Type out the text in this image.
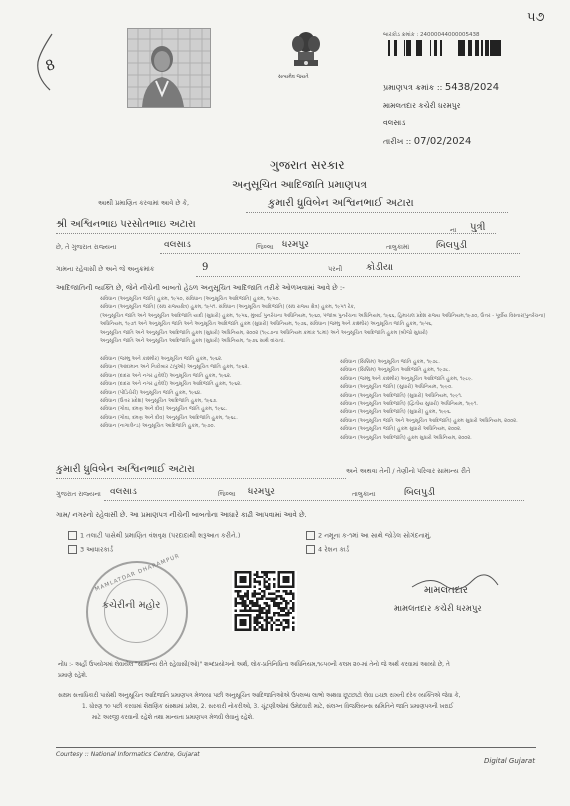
૫૭
8
સત્યમેવ જયતે
બારકોડ ક્રમાંક : 24000044000005438
પ્રમાણપત્ર ક્રમાંક :: 5438/2024
મામલતદાર કચેરી ધરમપુર
વલસાડ
તારીખ :: 07/02/2024
ગુજરાત સરકાર
અનુસૂચિત આદિજાતિ પ્રમાણપત્ર
આથી પ્રમાણિત કરવામાં આવે છે કે,	કુમારી ધ્રુવિબેન અશ્વિનભાઈ અટારા
શ્રી અશ્વિનભાઇ પરસોતભાઇ અટારા	ના પુત્રી
છે, તે ગુજરાત રાજ્યના	વલસાડ	જિલ્લા ધરમપુર	તાલુકામાં	બિલપુડી
ગામના રહેવાસી છે અને જે અનુક્રમાંક	9	પરની કોડીયા
આદિજાતિની વ્યક્તિ છે, જેને નીચેની બાબતો હેઠળ અનુસૂચિત આદિજાતિ તરીકે ઓળખવામાં આવે છે :-
સંવિધાન (અનુસૂચિત જાતિ) હુકમ, ૧૯૫૦, સંવિધાન (અનુસૂચિત આદિજાતિ) હુકમ, ૧૯૫૦.
સંવિધાન (અનુસૂચિત જાતિ) (સંઘ રાજ્યક્ષેત્ર) હુકમ, ૧૯૫૧. સંવિધાન (અનુસૂચિત આદિજાતિ) (સંઘ રાજ્ય ક્ષેત્ર) હુકમ, ૧૯૫૧ રેક,
(અનુસૂચિત જાતિ અને અનુસૂચિત આદિજાતિ યાદી (સુધારો) હુકમ, ૧૯૫૬, મુંબઈ પુનર્રચના અધિનિયમ, ૧૯૬૦, પંજાબ પુનર્રચના અધિનિયમ, ૧૯૬૬, હિમાચલ પ્રદેશ રાજ્ય અધિનિયમ,૧૯૭૦, ઉત્તર - પૂર્વીય વિસ્તાર(પુનર્રચના)
અધિનિયમ, ૧૯૭૧ અને અનુસૂચિત જાતિ અને અનુસૂચિત આદિજાતિ હુકમ (સુધારો) અધિનિયમ, ૧૯૭૬, સંવિધાન (જમ્મુ અને કાશ્મીર) અનુસૂચિત જાતિ હુકમ, ૧૯૫૬,
અનુસૂચિત જાતિ અને અનુસૂચિત આદિજાતિ હુકમ (સુધારો) અધિનિયમ, ૨૦૦૨ (૧૯૮૭ના અધિનિયમ ક્રમાંક ૧૮માં) અને અનુસૂચિત આદિજાતિ હુકમ (બીજો સુધારો)
અનુસૂચિત જાતિ અને અનુસૂચિત આદિજાતિ હુકમ (સુધારો) અધિનિયમ, ૧૯૭૬ સાથે વાંચતાં.
સંવિધાન (જમ્મુ અને કાશ્મીર) અનુસૂચિત જાતિ હુકમ, ૧૯૬૨.
સંવિધાન (આંદામાન અને નિકોબાર ટાપુઓ) અનુસૂચિત જાતિ હુકમ, ૧૯૬૨.
સંવિધાન (દાદરા અને નગર હવેલી) અનુસૂચિત જાતિ હુકમ, ૧૯૬૨.
સંવિધાન (દાદરા અને નગર હવેલી) અનુસૂચિત આદિજાતિ હુકમ, ૧૯૬૨.
સંવિધાન (પોંડિચેરી) અનુસૂચિત જાતિ હુકમ, ૧૯૬૪.
સંવિધાન (ઉત્તર પ્રદેશ) અનુસૂચિત આદિજાતિ હુકમ, ૧૯૬૭.
સંવિધાન (ગોવા, દમણ અને દીવ) અનુસૂચિત જાતિ હુકમ, ૧૯૬૮.
સંવિધાન (ગોવા, દમણ અને દીવ) અનુસૂચિત આદિજાતિ હુકમ, ૧૯૬૮.
સંવિધાન (નાગાલેન્ડ) અનુસૂચિત આદિજાતિ હુકમ, ૧૯૭૦.
સંવિધાન (સિક્કિમ) અનુસૂચિત જાતિ હુકમ, ૧૯૭૮.
સંવિધાન (સિક્કિમ) અનુસૂચિત આદિજાતિ હુકમ, ૧૯૭૮.
સંવિધાન (જમ્મુ અને કાશ્મીર) અનુસૂચિત આદિજાતિ હુકમ, ૧૯૮૯.
સંવિધાન (અનુસૂચિત જાતિ) (સુધારો) અધિનિયમ, ૧૯૯૦.
સંવિધાન (અનુસૂચિત આદિજાતિ) (સુધારો) અધિનિયમ, ૧૯૯૧.
સંવિધાન (અનુસૂચિત આદિજાતિ) (દ્વિતીય સુધારો) અધિનિયમ, ૧૯૯૧.
સંવિધાન (અનુસૂચિત આદિજાતિ) (સુધારો) હુકમ, ૧૯૯૬.
સંવિધાન (અનુસૂચિત જાતિ અને અનુસૂચિત આદિજાતિ) હુકમ સુધારો અધિનિયમ, ૨૦૦૨.
સંવિધાન (અનુસૂચિત જાતિ) હુકમ સુધારો અધિનિયમ, ૨૦૦૨.
સંવિધાન (અનુસૂચિત આદિજાતિ) હુકમ સુધારો અધિનિયમ, ૨૦૦૨.
કુમારી ધ્રુવિબેન અશ્વિનભાઈ અટારા	અને અથવા તેની / તેણીનો પરિવાર સામાન્ય રીતે
ગુજરાત રાજ્યના વલસાડ	જિલ્લા ધરમપુર	તાલુકાના	બિલપુડી
ગામ/ નગરનો રહેવાસી છે. આ પ્રમાણપત્ર નીચેની બાબતોના આધારે કાઢી આપવામાં આવે છે.
1 તલાટી પાસેથી પ્રમાણિત વંશવૃક્ષ (પરદાદાથી શરૂઆત કરીને.)	2 નમૂના ક-૧માં આ સાથે જોડેલ સોગંદનામું.
3 આધારકાર્ડ	4 રેશન કાર્ડ
MAMLATDAR DHARAMPUR
કચેરીની મહોર
મામલતદાર
મામલતદાર કચેરી ધરમપુર
નોંધ :- અહીં ઉપયોગમાં લેવાયેલ "સામાન્ય રીતે રહેવાસી(ઓ)" શબ્દપ્રયોગનો અર્થ, લોક-પ્રતિનિધિત્વ અધિનિયમ,૧૯૫૦ની કલમ ૨૦-માં તેનો જે અર્થ કરવામાં આવ્યો છે, તે
પ્રમાણે રહેશે.
સક્ષમ સત્તાધિકારી પાસેથી અનુસૂચિત આદિજાતિ પ્રમાણપત્ર મેળવ્યા પછી અનુસૂચિત આદિજાતિઓએ ઉપલબ્ધ લાભો અથવા છૂટછાટો લેવા ઇચ્છા રાખતી દરેક વ્યક્તિએ જેવા કે,
1. ધોરણ ૧૦ પછી કરવામાં શૈક્ષણિક સંસ્થામાં પ્રવેશ, 2. સરકારી નોકરીઓ, 3. ચૂંટણીઓમાં ઉમેદવારી માટે, સંલગ્ન વિજલિયન્સ સમિતિને જાતિ પ્રમાણપત્રની ખરાઈ
માટે અરજી કરવાની રહેશે તથા માન્યતા પ્રમાણપત્ર મેળવી લેવાનું રહેશે.
Courtesy :: National Informatics Centre, Gujarat
Digital Gujarat
